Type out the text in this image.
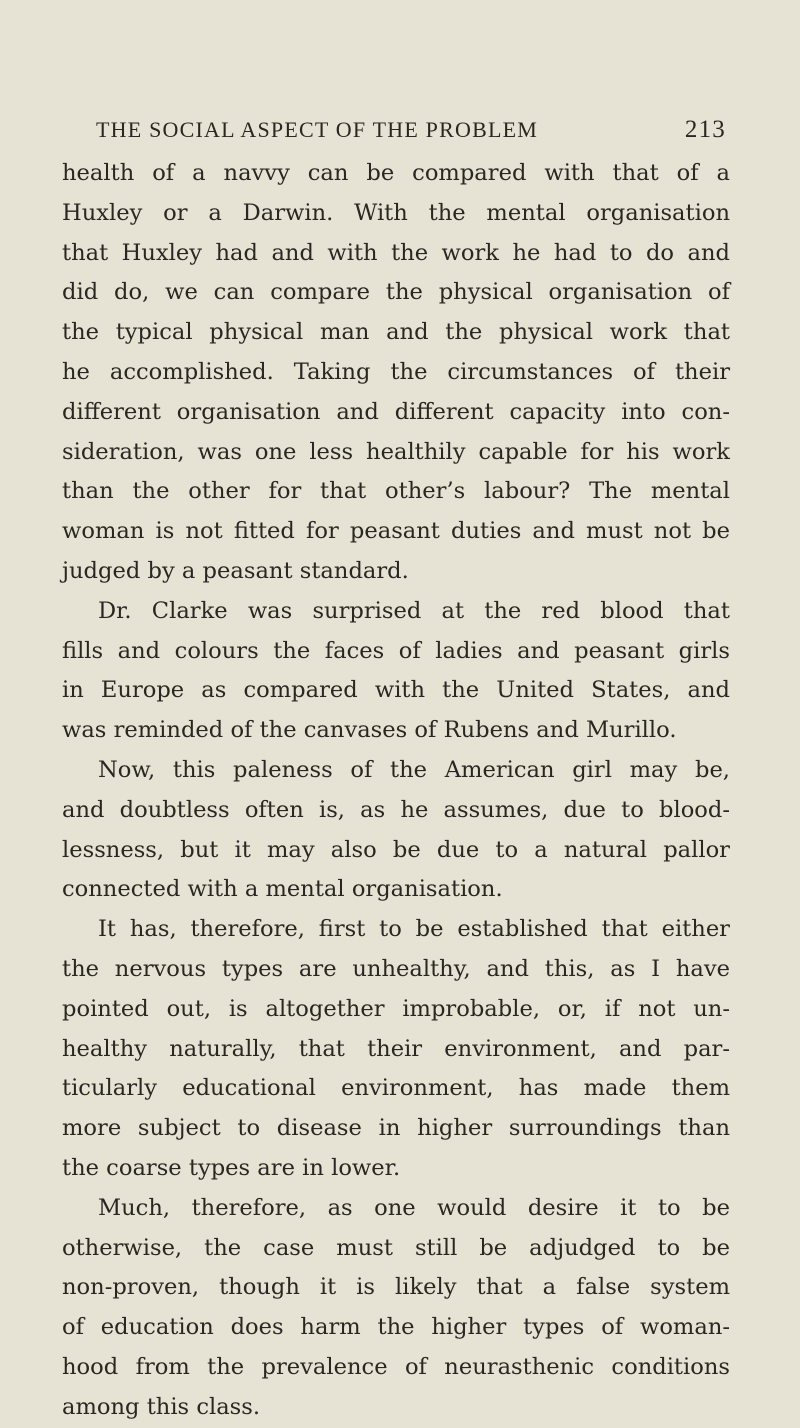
THE SOCIAL ASPECT OF THE PROBLEM	213
health of a navvy can be compared with that of a
Huxley or a Darwin. With the mental organisation
that Huxley had and with the work he had to do and
did do, we can compare the physical organisation of
the typical physical man and the physical work that
he accomplished. Taking the circumstances of their
different organisation and different capacity into con-
sideration, was one less healthily capable for his work
than the other for that other’s labour? The mental
woman is not fitted for peasant duties and must not be
judged by a peasant standard.
Dr. Clarke was surprised at the red blood that
fills and colours the faces of ladies and peasant girls
in Europe as compared with the United States, and
was reminded of the canvases of Rubens and Murillo.
Now, this paleness of the American girl may be,
and doubtless often is, as he assumes, due to blood-
lessness, but it may also be due to a natural pallor
connected with a mental organisation.
It has, therefore, first to be established that either
the nervous types are unhealthy, and this, as I have
pointed out, is altogether improbable, or, if not un-
healthy naturally, that their environment, and par-
ticularly educational environment, has made them
more subject to disease in higher surroundings than
the coarse types are in lower.
Much, therefore, as one would desire it to be
otherwise, the case must still be adjudged to be
non-proven, though it is likely that a false system
of education does harm the higher types of woman-
hood from the prevalence of neurasthenic conditions
among this class.
